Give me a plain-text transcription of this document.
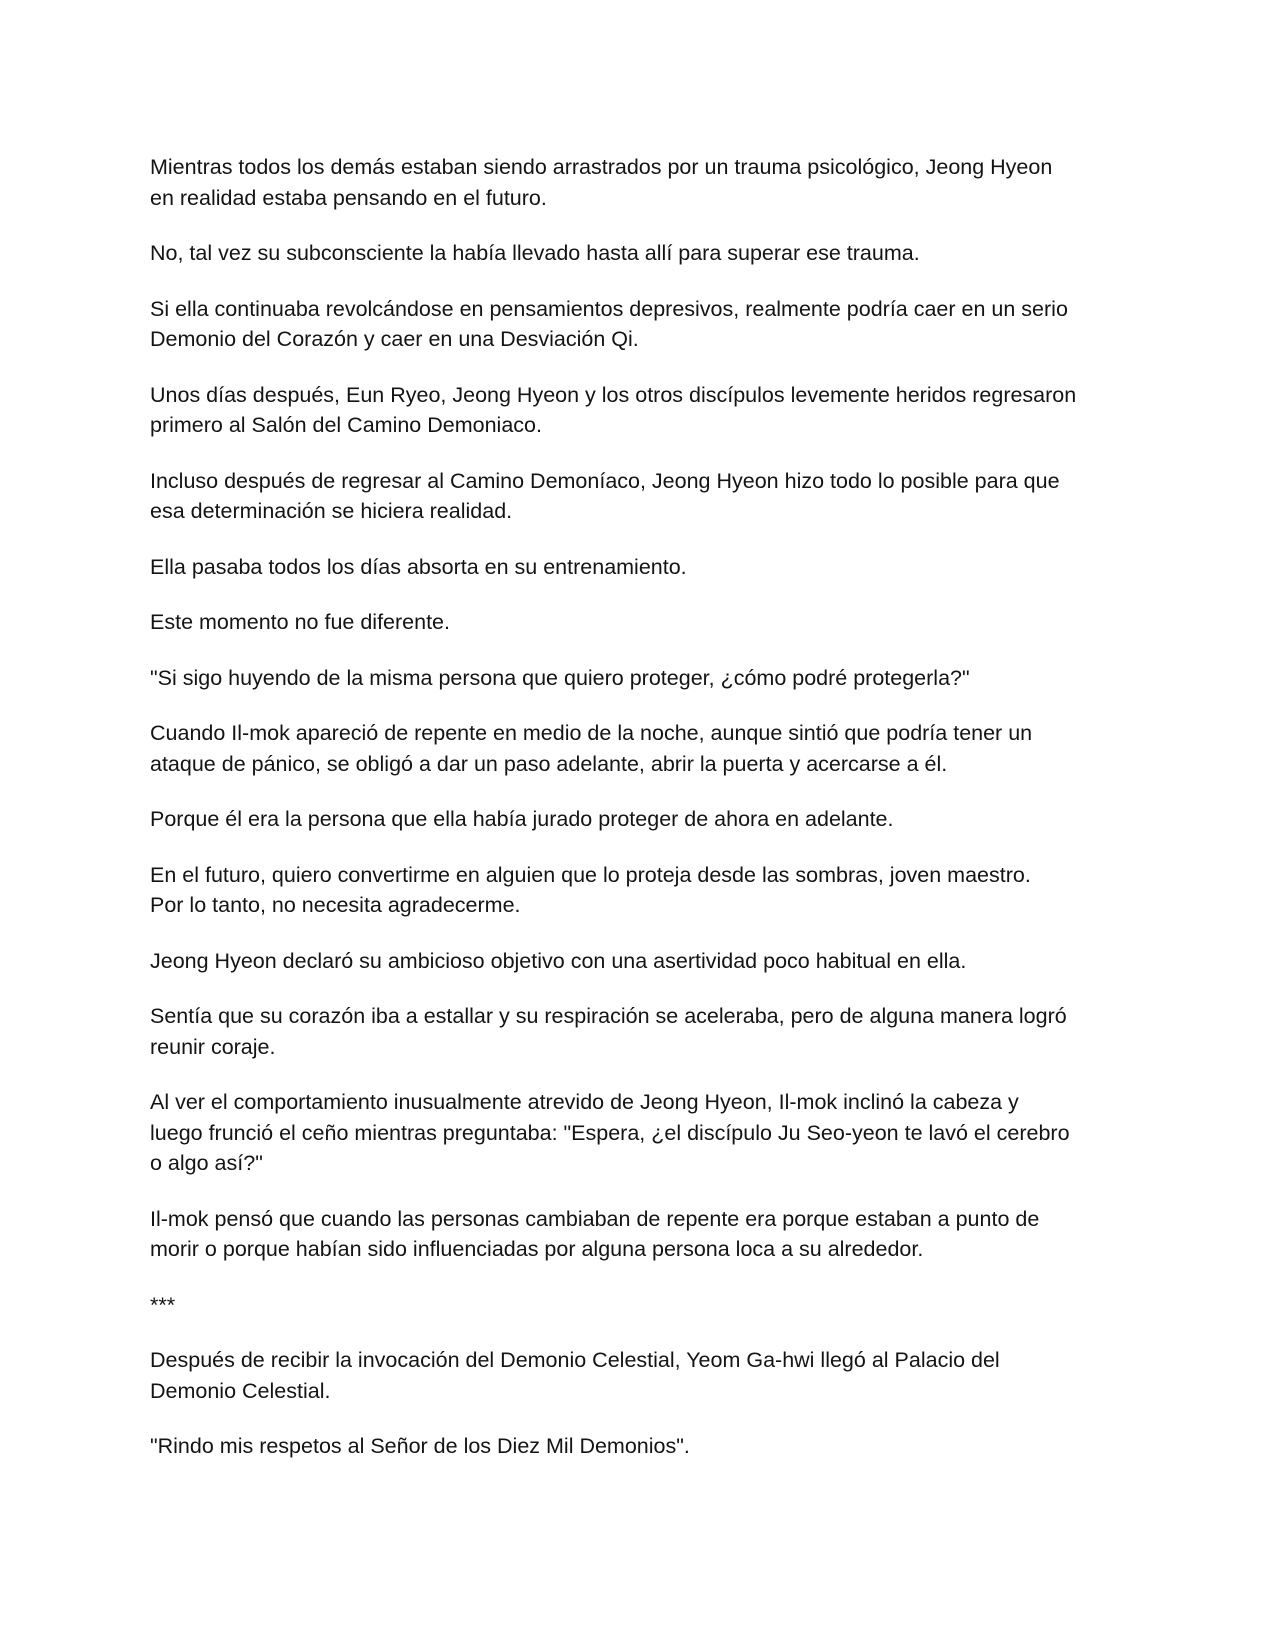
Mientras todos los demás estaban siendo arrastrados por un trauma psicológico, Jeong Hyeon
en realidad estaba pensando en el futuro.

No, tal vez su subconsciente la había llevado hasta allí para superar ese trauma.

Si ella continuaba revolcándose en pensamientos depresivos, realmente podría caer en un serio
Demonio del Corazón y caer en una Desviación Qi.

Unos días después, Eun Ryeo, Jeong Hyeon y los otros discípulos levemente heridos regresaron
primero al Salón del Camino Demoniaco.

Incluso después de regresar al Camino Demoníaco, Jeong Hyeon hizo todo lo posible para que
esa determinación se hiciera realidad.

Ella pasaba todos los días absorta en su entrenamiento.

Este momento no fue diferente.

"Si sigo huyendo de la misma persona que quiero proteger, ¿cómo podré protegerla?"

Cuando Il-mok apareció de repente en medio de la noche, aunque sintió que podría tener un
ataque de pánico, se obligó a dar un paso adelante, abrir la puerta y acercarse a él.

Porque él era la persona que ella había jurado proteger de ahora en adelante.

En el futuro, quiero convertirme en alguien que lo proteja desde las sombras, joven maestro.
Por lo tanto, no necesita agradecerme.

Jeong Hyeon declaró su ambicioso objetivo con una asertividad poco habitual en ella.

Sentía que su corazón iba a estallar y su respiración se aceleraba, pero de alguna manera logró
reunir coraje.

Al ver el comportamiento inusualmente atrevido de Jeong Hyeon, Il-mok inclinó la cabeza y
luego frunció el ceño mientras preguntaba: "Espera, ¿el discípulo Ju Seo-yeon te lavó el cerebro
o algo así?"

Il-mok pensó que cuando las personas cambiaban de repente era porque estaban a punto de
morir o porque habían sido influenciadas por alguna persona loca a su alrededor.

***

Después de recibir la invocación del Demonio Celestial, Yeom Ga-hwi llegó al Palacio del
Demonio Celestial.

"Rindo mis respetos al Señor de los Diez Mil Demonios".
